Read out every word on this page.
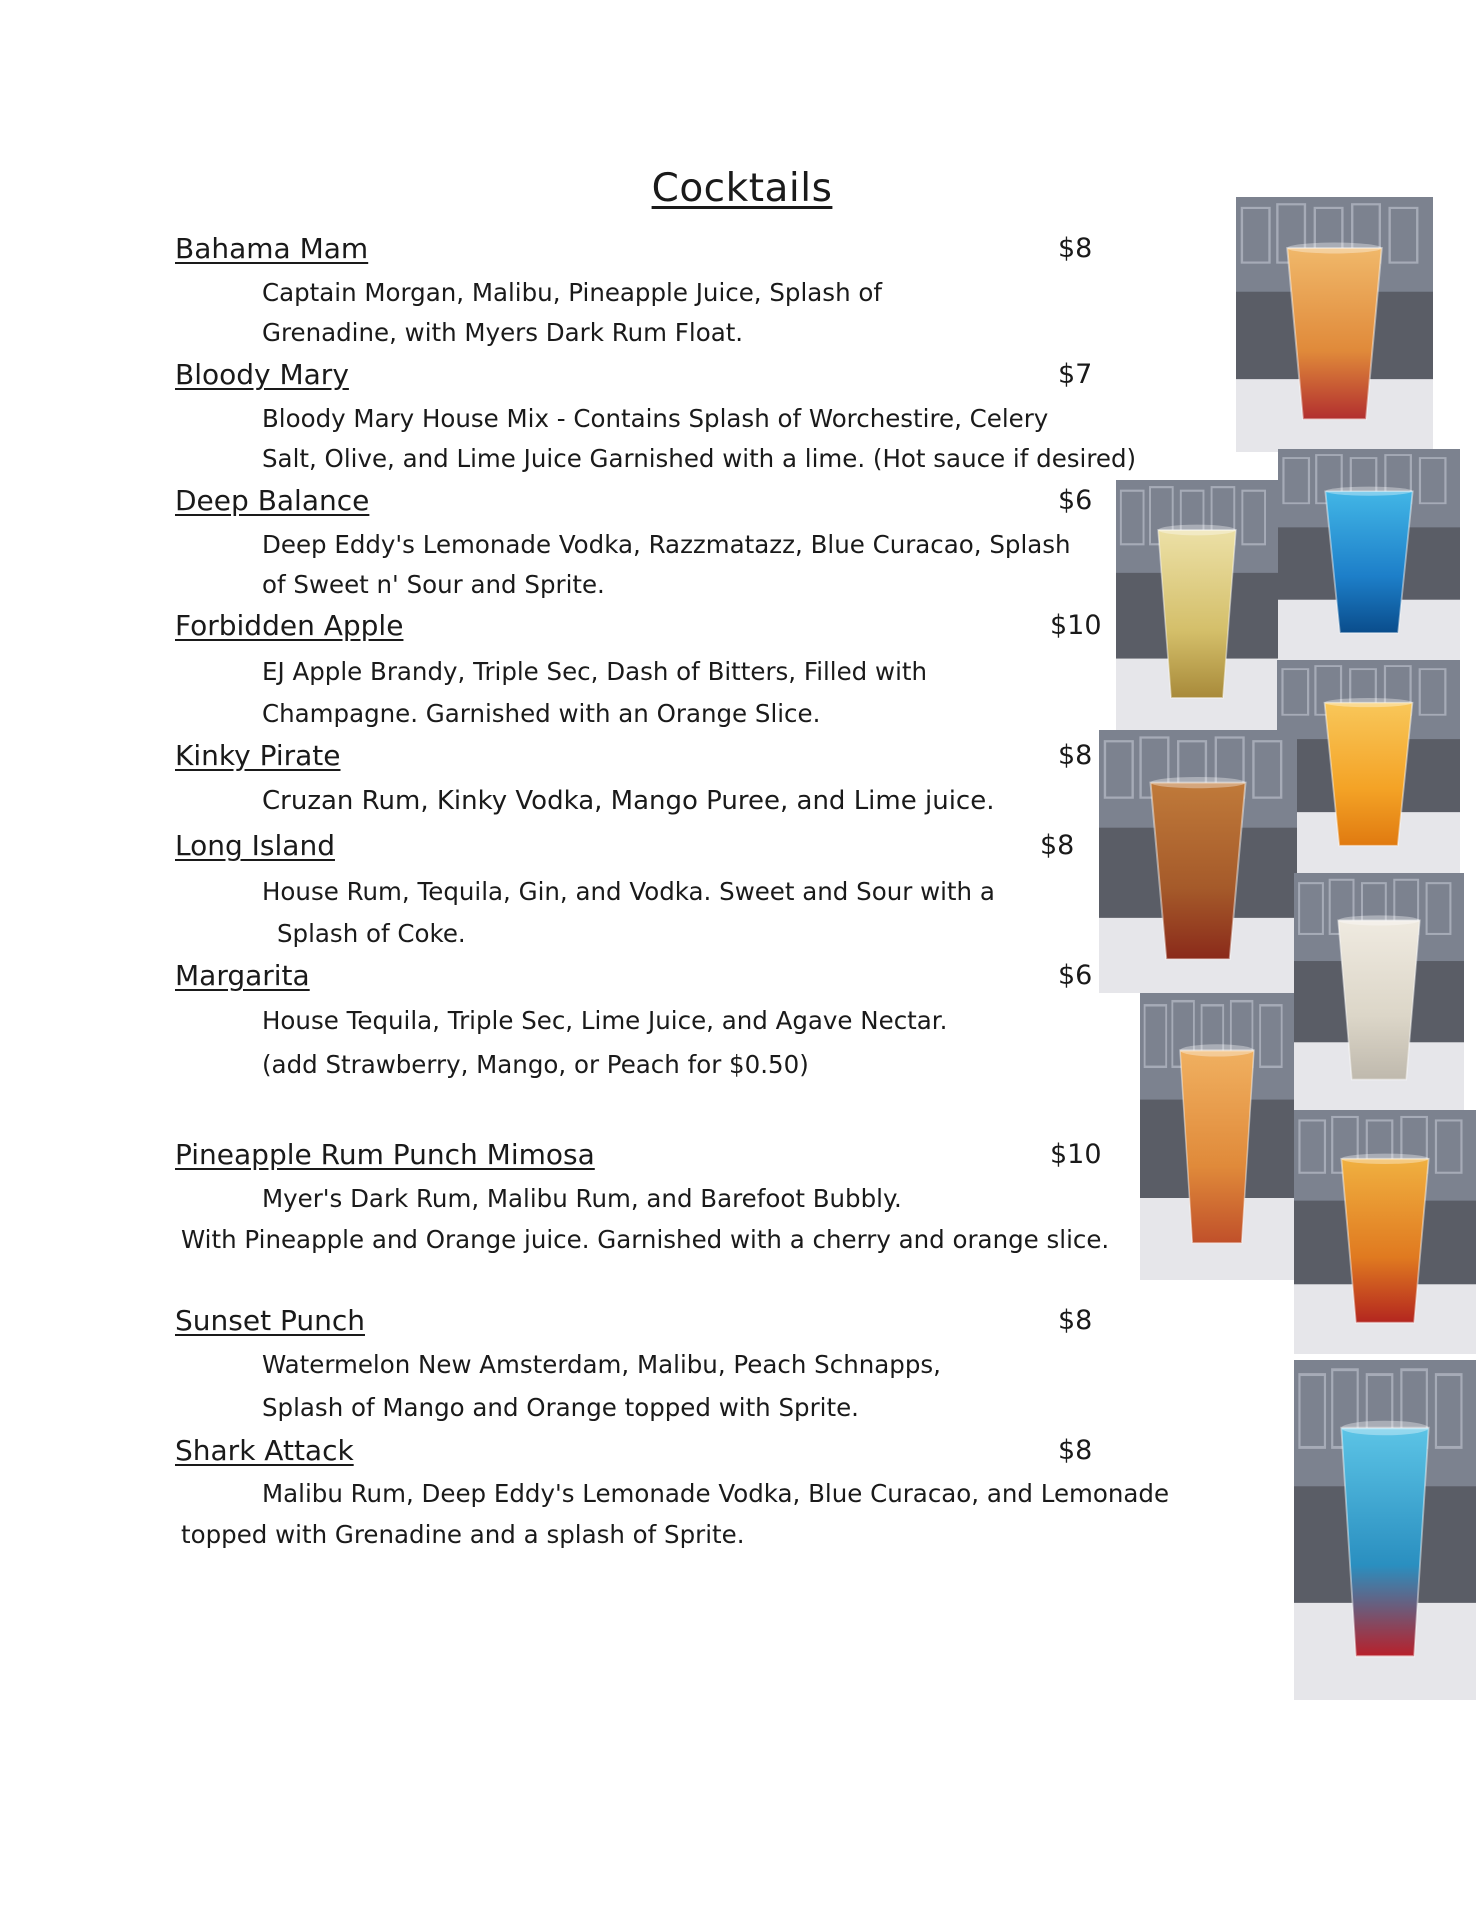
Cocktails
Bahama Mam	$8
Captain Morgan, Malibu, Pineapple Juice, Splash of
Grenadine, with Myers Dark Rum Float.
Bloody Mary	$7
Bloody Mary House Mix - Contains Splash of Worchestire, Celery
Salt, Olive, and Lime Juice Garnished with a lime. (Hot sauce if desired)
Deep Balance	$6
Deep Eddy's Lemonade Vodka, Razzmatazz, Blue Curacao, Splash
of Sweet n' Sour and Sprite.
Forbidden Apple	$10
EJ Apple Brandy, Triple Sec, Dash of Bitters, Filled with
Champagne. Garnished with an Orange Slice.
Kinky Pirate	$8
Cruzan Rum, Kinky Vodka, Mango Puree, and Lime juice.
Long Island	$8
House Rum, Tequila, Gin, and Vodka. Sweet and Sour with a
Splash of Coke.
Margarita	$6
House Tequila, Triple Sec, Lime Juice, and Agave Nectar.
(add Strawberry, Mango, or Peach for $0.50)
Pineapple Rum Punch Mimosa	$10
Myer's Dark Rum, Malibu Rum, and Barefoot Bubbly.
With Pineapple and Orange juice. Garnished with a cherry and orange slice.
Sunset Punch	$8
Watermelon New Amsterdam, Malibu, Peach Schnapps,
Splash of Mango and Orange topped with Sprite.
Shark Attack	$8
Malibu Rum, Deep Eddy's Lemonade Vodka, Blue Curacao, and Lemonade
topped with Grenadine and a splash of Sprite.
